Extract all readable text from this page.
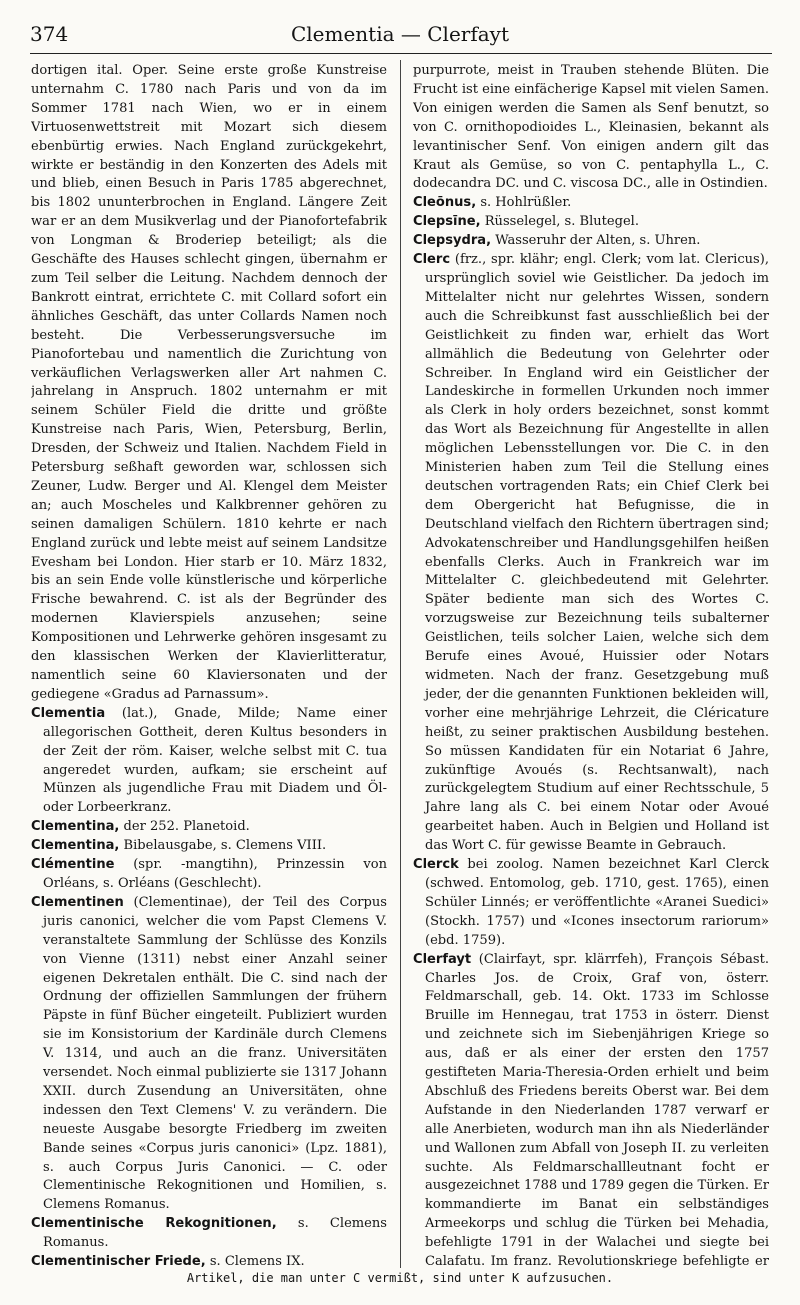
374	Clementia — Clerfayt

dortigen ital. Oper. Seine erste große Kunstreise unternahm C. 1780 nach Paris und von da im Sommer 1781 nach Wien, wo er in einem Virtuosenwettstreit mit Mozart sich diesem ebenbürtig erwies. Nach England zurückgekehrt, wirkte er beständig in den Konzerten des Adels mit und blieb, einen Besuch in Paris 1785 abgerechnet, bis 1802 ununterbrochen in England. Längere Zeit war er an dem Musikverlag und der Pianofortefabrik von Longman & Broderiep beteiligt; als die Geschäfte des Hauses schlecht gingen, übernahm er zum Teil selber die Leitung. Nachdem dennoch der Bankrott eintrat, errichtete C. mit Collard sofort ein ähnliches Geschäft, das unter Collards Namen noch besteht. Die Verbesserungsversuche im Pianofortebau und namentlich die Zurichtung von verkäuflichen Verlagswerken aller Art nahmen C. jahrelang in Anspruch. 1802 unternahm er mit seinem Schüler Field die dritte und größte Kunstreise nach Paris, Wien, Petersburg, Berlin, Dresden, der Schweiz und Italien. Nachdem Field in Petersburg seßhaft geworden war, schlossen sich Zeuner, Ludw. Berger und Al. Klengel dem Meister an; auch Moscheles und Kalkbrenner gehören zu seinen damaligen Schülern. 1810 kehrte er nach England zurück und lebte meist auf seinem Landsitze Evesham bei London. Hier starb er 10. März 1832, bis an sein Ende volle künstlerische und körperliche Frische bewahrend. C. ist als der Begründer des modernen Klavierspiels anzusehen; seine Kompositionen und Lehrwerke gehören insgesamt zu den klassischen Werken der Klavierlitteratur, namentlich seine 60 Klaviersonaten und der gediegene «Gradus ad Parnassum».

Clementia (lat.), Gnade, Milde; Name einer allegorischen Gottheit, deren Kultus besonders in der Zeit der röm. Kaiser, welche selbst mit C. tua angeredet wurden, aufkam; sie erscheint auf Münzen als jugendliche Frau mit Diadem und Öl- oder Lorbeerkranz.

Clementina, der 252. Planetoid.

Clementina, Bibelausgabe, s. Clemens VIII.

Clémentine (spr. -mangtihn), Prinzessin von Orléans, s. Orléans (Geschlecht).

Clementinen (Clementinae), der Teil des Corpus juris canonici, welcher die vom Papst Clemens V. veranstaltete Sammlung der Schlüsse des Konzils von Vienne (1311) nebst einer Anzahl seiner eigenen Dekretalen enthält. Die C. sind nach der Ordnung der offiziellen Sammlungen der frühern Päpste in fünf Bücher eingeteilt. Publiziert wurden sie im Konsistorium der Kardinäle durch Clemens V. 1314, und auch an die franz. Universitäten versendet. Noch einmal publizierte sie 1317 Johann XXII. durch Zusendung an Universitäten, ohne indessen den Text Clemens' V. zu verändern. Die neueste Ausgabe besorgte Friedberg im zweiten Bande seines «Corpus juris canonici» (Lpz. 1881), s. auch Corpus Juris Canonici. — C. oder Clementinische Rekognitionen und Homilien, s. Clemens Romanus.

Clementinische Rekognitionen, s. Clemens Romanus.

Clementinischer Friede, s. Clemens IX.

purpurrote, meist in Trauben stehende Blüten. Die Frucht ist eine einfächerige Kapsel mit vielen Samen. Von einigen werden die Samen als Senf benutzt, so von C. ornithopodioides L., Kleinasien, bekannt als levantinischer Senf. Von einigen andern gilt das Kraut als Gemüse, so von C. pentaphylla L., C. dodecandra DC. und C. viscosa DC., alle in Ostindien.

Cleōnus, s. Hohlrüßler.

Clepsīne, Rüsselegel, s. Blutegel.

Clepsydra, Wasseruhr der Alten, s. Uhren.

Clerc (frz., spr. klähr; engl. Clerk; vom lat. Clericus), ursprünglich soviel wie Geistlicher. Da jedoch im Mittelalter nicht nur gelehrtes Wissen, sondern auch die Schreibkunst fast ausschließlich bei der Geistlichkeit zu finden war, erhielt das Wort allmählich die Bedeutung von Gelehrter oder Schreiber. In England wird ein Geistlicher der Landeskirche in formellen Urkunden noch immer als Clerk in holy orders bezeichnet, sonst kommt das Wort als Bezeichnung für Angestellte in allen möglichen Lebensstellungen vor. Die C. in den Ministerien haben zum Teil die Stellung eines deutschen vortragenden Rats; ein Chief Clerk bei dem Obergericht hat Befugnisse, die in Deutschland vielfach den Richtern übertragen sind; Advokatenschreiber und Handlungsgehilfen heißen ebenfalls Clerks. Auch in Frankreich war im Mittelalter C. gleichbedeutend mit Gelehrter. Später bediente man sich des Wortes C. vorzugsweise zur Bezeichnung teils subalterner Geistlichen, teils solcher Laien, welche sich dem Berufe eines Avoué, Huissier oder Notars widmeten. Nach der franz. Gesetzgebung muß jeder, der die genannten Funktionen bekleiden will, vorher eine mehrjährige Lehrzeit, die Cléricature heißt, zu seiner praktischen Ausbildung bestehen. So müssen Kandidaten für ein Notariat 6 Jahre, zukünftige Avoués (s. Rechtsanwalt), nach zurückgelegtem Studium auf einer Rechtsschule, 5 Jahre lang als C. bei einem Notar oder Avoué gearbeitet haben. Auch in Belgien und Holland ist das Wort C. für gewisse Beamte in Gebrauch.

Clerck bei zoolog. Namen bezeichnet Karl Clerck (schwed. Entomolog, geb. 1710, gest. 1765), einen Schüler Linnés; er veröffentlichte «Aranei Suedici» (Stockh. 1757) und «Icones insectorum rariorum» (ebd. 1759).

Clerfayt (Clairfayt, spr. klärrfeh), François Sébast. Charles Jos. de Croix, Graf von, österr. Feldmarschall, geb. 14. Okt. 1733 im Schlosse Bruille im Hennegau, trat 1753 in österr. Dienst und zeichnete sich im Siebenjährigen Kriege so aus, daß er als einer der ersten den 1757 gestifteten Maria-Theresia-Orden erhielt und beim Abschluß des Friedens bereits Oberst war. Bei dem Aufstande in den Niederlanden 1787 verwarf er alle Anerbieten, wodurch man ihn als Niederländer und Wallonen zum Abfall von Joseph II. zu verleiten suchte. Als Feldmarschallleutnant focht er ausgezeichnet 1788 und 1789 gegen die Türken. Er kommandierte im Banat ein selbständiges Armeekorps und schlug die Türken bei Mehadia, befehligte 1791 in der Walachei und siegte bei Calafatu. Im franz. Revolutionskriege befehligte er

Artikel, die man unter C vermißt, sind unter K aufzusuchen.
